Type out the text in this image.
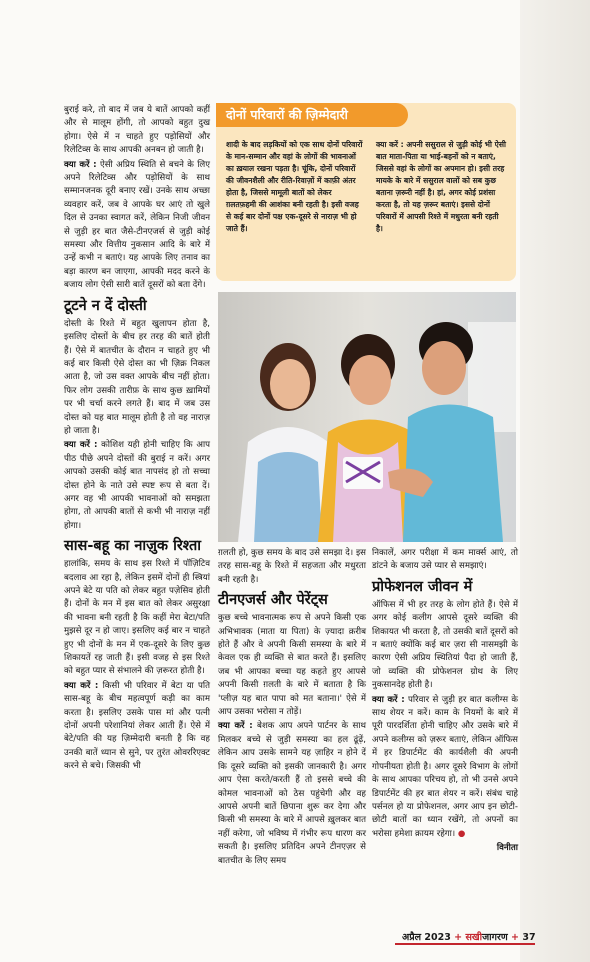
बुराई करे, तो बाद में जब ये बातें आपको कहीं और से मालूम होंगी, तो आपको बहुत दुख होगा। ऐसे में न चाहते हुए पड़ोसियों और रिलेटिव्स के साथ आपकी अनबन हो जाती है।

क्या करें : ऐसी अप्रिय स्थिति से बचने के लिए अपने रिलेटिव्स और पड़ोसियों के साथ सम्मानजनक दूरी बनाए रखें। उनके साथ अच्छा व्यवहार करें, जब वे आपके घर आएं तो खुले दिल से उनका स्वागत करें, लेकिन निजी जीवन से जुड़ी हर बात जैसे-टीनएजर्स से जुड़ी कोई समस्या और वित्तीय नुकसान आदि के बारे में उन्हें कभी न बताएं। यह आपके लिए तनाव का बड़ा कारण बन जाएगा, आपकी मदद करने के बजाय लोग ऐसी सारी बातें दूसरों को बता देंगे।

टूटने न दें दोस्ती

दोस्ती के रिश्ते में बहुत खुलापन होता है, इसलिए दोस्तों के बीच हर तरह की बातें होती हैं। ऐसे में बातचीत के दौरान न चाहते हुए भी कई बार किसी ऐसे दोस्त का भी ज़िक्र निकल आता है, जो उस वक्त आपके बीच नहीं होता। फिर लोग उसकी तारीफ़ के साथ कुछ ख़ामियों पर भी चर्चा करने लगते हैं। बाद में जब उस दोस्त को यह बात मालूम होती है तो वह नाराज़ हो जाता है।

क्या करें : कोशिश यही होनी चाहिए कि आप पीठ पीछे अपने दोस्तों की बुराई न करें। अगर आपको उसकी कोई बात नापसंद हो तो सच्चा दोस्त होने के नाते उसे स्पष्ट रूप से बता दें। अगर वह भी आपकी भावनाओं को समझता होगा, तो आपकी बातों से कभी भी नाराज़ नहीं होगा।

सास-बहू का नाज़ुक रिश्ता

हालांकि, समय के साथ इस रिश्ते में पॉज़िटिव बदलाव आ रहा है, लेकिन इसमें दोनों ही स्त्रियां अपने बेटे या पति को लेकर बहुत पज़ेसिव होती हैं। दोनों के मन में इस बात को लेकर असुरक्षा की भावना बनी रहती है कि कहीं मेरा बेटा/पति मुझसे दूर न हो जाए। इसलिए कई बार न चाहते हुए भी दोनों के मन में एक-दूसरे के लिए कुछ शिकायतें रह जाती हैं। इसी वजह से इस रिश्ते को बहुत प्यार से संभालने की ज़रूरत होती है।

क्या करें : किसी भी परिवार में बेटा या पति सास-बहू के बीच महत्वपूर्ण कड़ी का काम करता है। इसलिए उसके पास मां और पत्नी दोनों अपनी परेशानियां लेकर आती हैं। ऐसे में बेटे/पति की यह ज़िम्मेदारी बनती है कि वह उनकी बातें ध्यान से सुने, पर तुरंत ओवररिएक्ट करने से बचे। जिसकी भी

दोनों परिवारों की ज़िम्मेदारी
शादी के बाद लड़कियों को एक साथ दोनों परिवारों के मान-सम्मान और वहां के लोगों की भावनाओं का ख़याल रखना पड़ता है। चूंकि, दोनों परिवारों की जीवनशैली और रीति-रिवाज़ों में काफ़ी अंतर होता है, जिससे मामूली बातों को लेकर ग़लतफ़हमी की आशंका बनी रहती है। इसी वजह से कई बार दोनों पक्ष एक-दूसरे से नाराज़ भी हो जाते हैं।
क्या करें : अपनी ससुराल से जुड़ी कोई भी ऐसी बात माता-पिता या भाई-बहनों को न बताएं, जिससे वहां के लोगों का अपमान हो। इसी तरह मायके के बारे में ससुराल वालों को सब कुछ बताना ज़रूरी नहीं है। हां, अगर कोई प्रशंसा करता है, तो यह ज़रूर बताएं। इससे दोनों परिवारों में आपसी रिश्ते में मधुरता बनी रहती है।

ग़लती हो, कुछ समय के बाद उसे समझा दे। इस तरह सास-बहू के रिश्ते में सहजता और मधुरता बनी रहती है।

टीनएजर्स और पेरेंट्स

कुछ बच्चे भावनात्मक रूप से अपने किसी एक अभिभावक (माता या पिता) के ज़्यादा क़रीब होते हैं और वे अपनी किसी समस्या के बारे में केवल एक ही व्यक्ति से बात करते हैं। इसलिए जब भी आपका बच्चा यह कहते हुए आपसे अपनी किसी ग़लती के बारे में बताता है कि 'प्लीज़ यह बात पापा को मत बताना।' ऐसे में आप उसका भरोसा न तोड़ें।

क्या करें : बेशक आप अपने पार्टनर के साथ मिलकर बच्चे से जुड़ी समस्या का हल ढूंढ़ें, लेकिन आप उसके सामने यह ज़ाहिर न होने दें कि दूसरे व्यक्ति को इसकी जानकारी है। अगर आप ऐसा करते/करती हैं तो इससे बच्चे की कोमल भावनाओं को ठेस पहुंचेगी और वह आपसे अपनी बातें छिपाना शुरू कर देगा और किसी भी समस्या के बारे में आपसे ख़ुलकर बात नहीं करेगा, जो भविष्य में गंभीर रूप धारण कर सकती है। इसलिए प्रतिदिन अपने टीनएज़र से बातचीत के लिए समय

निकालें, अगर परीक्षा में कम मार्क्स आएं, तो डांटने के बजाय उसे प्यार से समझाएं।

प्रोफेशनल जीवन में

ऑफिस में भी हर तरह के लोग होते हैं। ऐसे में अगर कोई कलीग आपसे दूसरे व्यक्ति की शिकायत भी करता है, तो उसकी बातें दूसरों को न बताएं क्योंकि कई बार ज़रा सी नासमझी के कारण ऐसी अप्रिय स्थितियां पैदा हो जाती हैं, जो व्यक्ति की प्रोफेशनल ग्रोथ के लिए नुकसानदेह होती है।

क्या करें : परिवार से जुड़ी हर बात कलीग्स के साथ शेयर न करें। काम के नियमों के बारे में पूरी पारदर्शिता होनी चाहिए और उसके बारे में अपने कलीग्स को ज़रूर बताएं, लेकिन ऑफिस में हर डिपार्टमेंट की कार्यशैली की अपनी गोपनीयता होती है। अगर दूसरे विभाग के लोगों के साथ आपका परिचय हो, तो भी उनसे अपने डिपार्टमेंट की हर बात शेयर न करें। संबंध चाहे पर्सनल हो या प्रोफेशनल, अगर आप इन छोटी-छोटी बातों का ध्यान रखेंगे, तो अपनों का भरोसा हमेशा क़ायम रहेगा। ●

विनीता

अप्रैल 2023 + सखीजागरण + 37
